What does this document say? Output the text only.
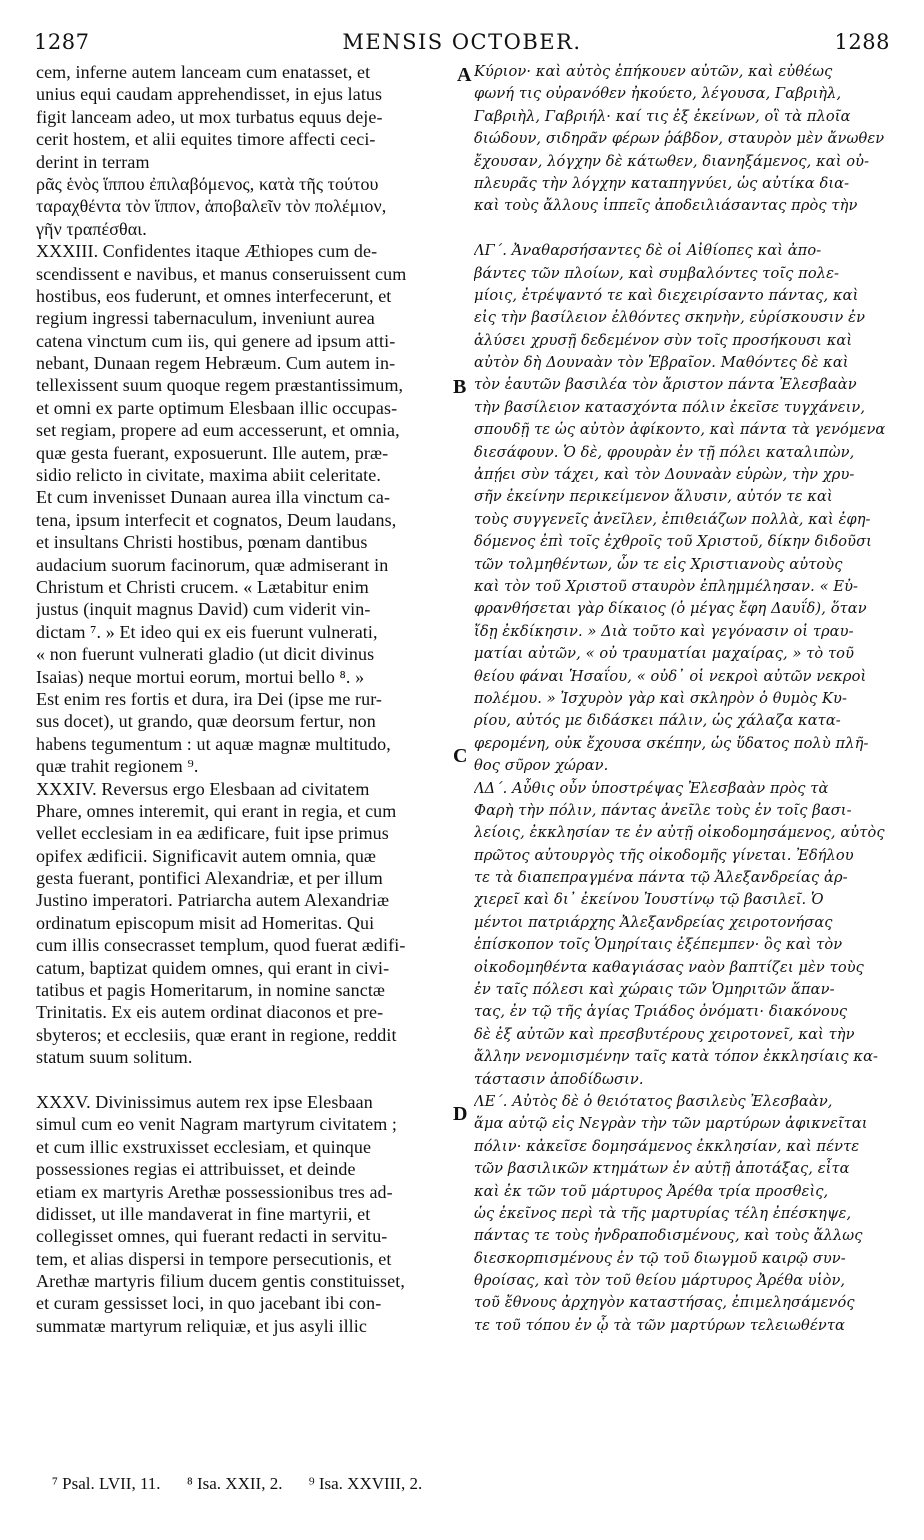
1287	MENSIS OCTOBER.	1288
cem, inferne autem lanceam cum enatasset, et
unius equi caudam apprehendisset, in ejus latus
figit lanceam adeo, ut mox turbatus equus deje-
cerit hostem, et alii equites timore affecti ceci-
derint in terram
ρᾶς ἑνὸς ἵππου ἐπιλαβόμενος, κατὰ τῆς τούτου
ταραχθέντα τὸν ἵππον, ἀποβαλεῖν τὸν πολέμιον,
γῆν τραπέσθαι.
XXXIII. Confidentes itaque Æthiopes cum de-
scendissent e navibus, et manus conseruissent cum
hostibus, eos fuderunt, et omnes interfecerunt, et
regium ingressi tabernaculum, inveniunt aurea
catena vinctum cum iis, qui genere ad ipsum atti-
nebant, Dunaan regem Hebræum. Cum autem in-
tellexissent suum quoque regem præstantissimum,
et omni ex parte optimum Elesbaan illic occupas-
set regiam, propere ad eum accesserunt, et omnia,
quæ gesta fuerant, exposuerunt. Ille autem, præ-
sidio relicto in civitate, maxima abiit celeritate.
Et cum invenisset Dunaan aurea illa vinctum ca-
tena, ipsum interfecit et cognatos, Deum laudans,
et insultans Christi hostibus, pœnam dantibus
audacium suorum facinorum, quæ admiserant in
Christum et Christi crucem. « Lætabitur enim
justus (inquit magnus David) cum viderit vin-
dictam ⁷. » Et ideo qui ex eis fuerunt vulnerati,
« non fuerunt vulnerati gladio (ut dicit divinus
Isaias) neque mortui eorum, mortui bello ⁸. »
Est enim res fortis et dura, ira Dei (ipse me rur-
sus docet), ut grando, quæ deorsum fertur, non
habens tegumentum : ut aquæ magnæ multitudo,
quæ trahit regionem ⁹.
XXXIV. Reversus ergo Elesbaan ad civitatem
Phare, omnes interemit, qui erant in regia, et cum
vellet ecclesiam in ea ædificare, fuit ipse primus
opifex ædificii. Significavit autem omnia, quæ
gesta fuerant, pontifici Alexandriæ, et per illum
Justino imperatori. Patriarcha autem Alexandriæ
ordinatum episcopum misit ad Homeritas. Qui
cum illis consecrasset templum, quod fuerat ædifi-
catum, baptizat quidem omnes, qui erant in civi-
tatibus et pagis Homeritarum, in nomine sanctæ
Trinitatis. Ex eis autem ordinat diaconos et pre-
sbyteros; et ecclesiis, quæ erant in regione, reddit
statum suum solitum.
XXXV. Divinissimus autem rex ipse Elesbaan
simul cum eo venit Nagram martyrum civitatem ;
et cum illic exstruxisset ecclesiam, et quinque
possessiones regias ei attribuisset, et deinde
etiam ex martyris Arethæ possessionibus tres ad-
didisset, ut ille mandaverat in fine martyrii, et
collegisset omnes, qui fuerant redacti in servitu-
tem, et alias dispersi in tempore persecutionis, et
Arethæ martyris filium ducem gentis constituisset,
et curam gessisset loci, in quo jacebant ibi con-
summatæ martyrum reliquiæ, et jus asyli illic
Κύριον· καὶ αὐτὸς ἐπήκουεν αὐτῶν, καὶ εὐθέως
φωνή τις οὐρανόθεν ἠκούετο, λέγουσα, Γαβριὴλ,
Γαβριὴλ, Γαβριήλ· καί τις ἐξ ἐκείνων, οἳ τὰ πλοῖα
διώδουν, σιδηρᾶν φέρων ῥάβδον, σταυρὸν μὲν ἄνωθεν
ἔχουσαν, λόγχην δὲ κάτωθεν, διανηξάμενος, καὶ οὐ-
πλευρᾶς τὴν λόγχην καταπηγνύει, ὡς αὐτίκα δια-
καὶ τοὺς ἄλλους ἱππεῖς ἀποδειλιάσαντας πρὸς τὴν
ΛΓ΄. Ἀναθαρσήσαντες δὲ οἱ Αἰθίοπες καὶ ἀπο-
βάντες τῶν πλοίων, καὶ συμβαλόντες τοῖς πολε-
μίοις, ἐτρέψαντό τε καὶ διεχειρίσαντο πάντας, καὶ
εἰς τὴν βασίλειον ἐλθόντες σκηνὴν, εὑρίσκουσιν ἐν
ἁλύσει χρυσῇ δεδεμένον σὺν τοῖς προσήκουσι καὶ
αὐτὸν δὴ Δουναὰν τὸν Ἑβραῖον. Μαθόντες δὲ καὶ
τὸν ἑαυτῶν βασιλέα τὸν ἄριστον πάντα Ἐλεσβαὰν
τὴν βασίλειον κατασχόντα πόλιν ἐκεῖσε τυγχάνειν,
σπουδῇ τε ὡς αὐτὸν ἀφίκοντο, καὶ πάντα τὰ γενόμενα
διεσάφουν. Ὁ δὲ, φρουρὰν ἐν τῇ πόλει καταλιπὼν,
ἀπῄει σὺν τάχει, καὶ τὸν Δουναὰν εὑρὼν, τὴν χρυ-
σῆν ἐκείνην περικείμενον ἅλυσιν, αὐτόν τε καὶ
τοὺς συγγενεῖς ἀνεῖλεν, ἐπιθειάζων πολλὰ, καὶ ἐφη-
δόμενος ἐπὶ τοῖς ἐχθροῖς τοῦ Χριστοῦ, δίκην διδοῦσι
τῶν τολμηθέντων, ὧν τε εἰς Χριστιανοὺς αὐτοὺς
καὶ τὸν τοῦ Χριστοῦ σταυρὸν ἐπλημμέλησαν. « Εὐ-
φρανθήσεται γὰρ δίκαιος (ὁ μέγας ἔφη Δαυΐδ), ὅταν
ἴδῃ ἐκδίκησιν. » Διὰ τοῦτο καὶ γεγόνασιν οἱ τραυ-
ματίαι αὐτῶν, « οὐ τραυματίαι μαχαίρας, » τὸ τοῦ
θείου φάναι Ἡσαΐου, « οὐδ᾽ οἱ νεκροὶ αὐτῶν νεκροὶ
πολέμου. » Ἰσχυρὸν γὰρ καὶ σκληρὸν ὁ θυμὸς Κυ-
ρίου, αὐτός με διδάσκει πάλιν, ὡς χάλαζα κατα-
φερομένη, οὐκ ἔχουσα σκέπην, ὡς ὕδατος πολὺ πλῆ-
θος σῦρον χώραν.
ΛΔ΄. Αὖθις οὖν ὑποστρέψας Ἐλεσβαὰν πρὸς τὰ
Φαρὴ τὴν πόλιν, πάντας ἀνεῖλε τοὺς ἐν τοῖς βασι-
λείοις, ἐκκλησίαν τε ἐν αὐτῇ οἰκοδομησάμενος, αὐτὸς
πρῶτος αὐτουργὸς τῆς οἰκοδομῆς γίνεται. Ἐδήλου
τε τὰ διαπεπραγμένα πάντα τῷ Ἀλεξανδρείας ἀρ-
χιερεῖ καὶ δι᾽ ἐκείνου Ἰουστίνῳ τῷ βασιλεῖ. Ὁ
μέντοι πατριάρχης Ἀλεξανδρείας χειροτονήσας
ἐπίσκοπον τοῖς Ὁμηρίταις ἐξέπεμπεν· ὃς καὶ τὸν
οἰκοδομηθέντα καθαγιάσας ναὸν βαπτίζει μὲν τοὺς
ἐν ταῖς πόλεσι καὶ χώραις τῶν Ὁμηριτῶν ἅπαν-
τας, ἐν τῷ τῆς ἁγίας Τριάδος ὀνόματι· διακόνους
δὲ ἐξ αὐτῶν καὶ πρεσβυτέρους χειροτονεῖ, καὶ τὴν
ἄλλην νενομισμένην ταῖς κατὰ τόπον ἐκκλησίαις κα-
τάστασιν ἀποδίδωσιν.
ΛΕ΄. Αὐτὸς δὲ ὁ θειότατος βασιλεὺς Ἐλεσβαὰν,
ἅμα αὐτῷ εἰς Νεγρὰν τὴν τῶν μαρτύρων ἀφικνεῖται
πόλιν· κἀκεῖσε δομησάμενος ἐκκλησίαν, καὶ πέντε
τῶν βασιλικῶν κτημάτων ἐν αὐτῇ ἀποτάξας, εἶτα
καὶ ἐκ τῶν τοῦ μάρτυρος Ἀρέθα τρία προσθεὶς,
ὡς ἐκεῖνος περὶ τὰ τῆς μαρτυρίας τέλη ἐπέσκηψε,
πάντας τε τοὺς ἠνδραποδισμένους, καὶ τοὺς ἄλλως
διεσκορπισμένους ἐν τῷ τοῦ διωγμοῦ καιρῷ συν-
θροίσας, καὶ τὸν τοῦ θείου μάρτυρος Ἀρέθα υἱὸν,
τοῦ ἔθνους ἀρχηγὸν καταστήσας, ἐπιμελησάμενός
τε τοῦ τόπου ἐν ᾧ τὰ τῶν μαρτύρων τελειωθέντα
A
B
C
D
⁷ Psal. LVII, 11. ⁸ Isa. XXII, 2. ⁹ Isa. XXVIII, 2.
